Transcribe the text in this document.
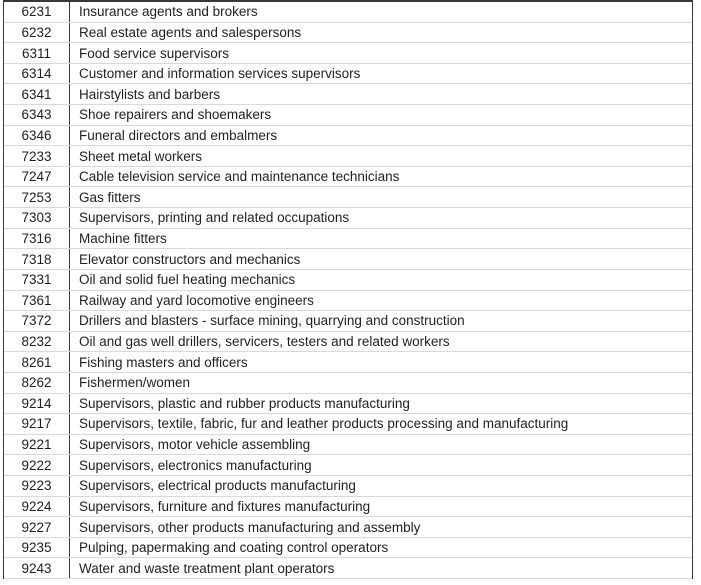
6231	Insurance agents and brokers
6232	Real estate agents and salespersons
6311	Food service supervisors
6314	Customer and information services supervisors
6341	Hairstylists and barbers
6343	Shoe repairers and shoemakers
6346	Funeral directors and embalmers
7233	Sheet metal workers
7247	Cable television service and maintenance technicians
7253	Gas fitters
7303	Supervisors, printing and related occupations
7316	Machine fitters
7318	Elevator constructors and mechanics
7331	Oil and solid fuel heating mechanics
7361	Railway and yard locomotive engineers
7372	Drillers and blasters - surface mining, quarrying and construction
8232	Oil and gas well drillers, servicers, testers and related workers
8261	Fishing masters and officers
8262	Fishermen/women
9214	Supervisors, plastic and rubber products manufacturing
9217	Supervisors, textile, fabric, fur and leather products processing and manufacturing
9221	Supervisors, motor vehicle assembling
9222	Supervisors, electronics manufacturing
9223	Supervisors, electrical products manufacturing
9224	Supervisors, furniture and fixtures manufacturing
9227	Supervisors, other products manufacturing and assembly
9235	Pulping, papermaking and coating control operators
9243	Water and waste treatment plant operators
